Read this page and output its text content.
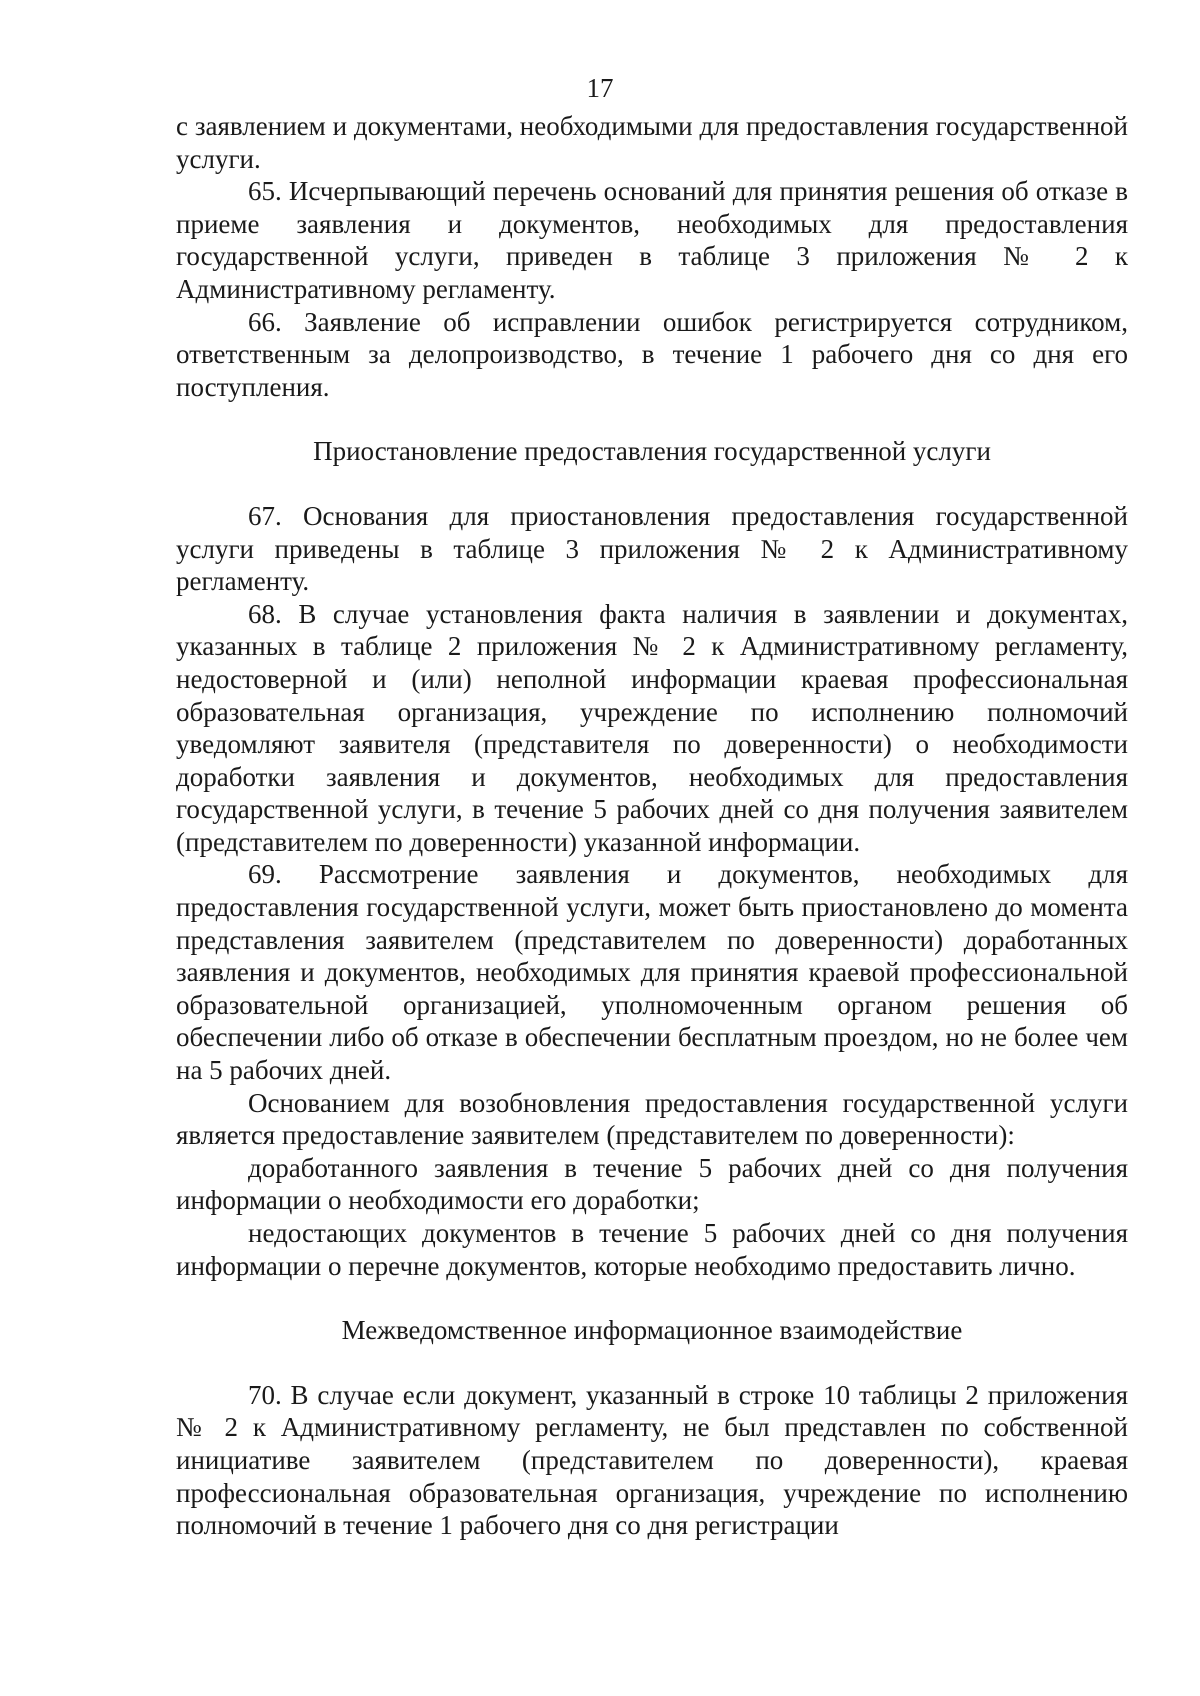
17

с заявлением и документами, необходимыми для предоставления государственной услуги.

65. Исчерпывающий перечень оснований для принятия решения об отказе в приеме заявления и документов, необходимых для предоставления государственной услуги, приведен в таблице 3 приложения № 2 к Административному регламенту.

66. Заявление об исправлении ошибок регистрируется сотрудником, ответственным за делопроизводство, в течение 1 рабочего дня со дня его поступления.

Приостановление предоставления государственной услуги

67. Основания для приостановления предоставления государственной услуги приведены в таблице 3 приложения № 2 к Административному регламенту.

68. В случае установления факта наличия в заявлении и документах, указанных в таблице 2 приложения № 2 к Административному регламенту, недостоверной и (или) неполной информации краевая профессиональная образовательная организация, учреждение по исполнению полномочий уведомляют заявителя (представителя по доверенности) о необходимости доработки заявления и документов, необходимых для предоставления государственной услуги, в течение 5 рабочих дней со дня получения заявителем (представителем по доверенности) указанной информации.

69. Рассмотрение заявления и документов, необходимых для предоставления государственной услуги, может быть приостановлено до момента представления заявителем (представителем по доверенности) доработанных заявления и документов, необходимых для принятия краевой профессиональной образовательной организацией, уполномоченным органом решения об обеспечении либо об отказе в обеспечении бесплатным проездом, но не более чем на 5 рабочих дней.

Основанием для возобновления предоставления государственной услуги является предоставление заявителем (представителем по доверенности):

доработанного заявления в течение 5 рабочих дней со дня получения информации о необходимости его доработки;

недостающих документов в течение 5 рабочих дней со дня получения информации о перечне документов, которые необходимо предоставить лично.

Межведомственное информационное взаимодействие

70. В случае если документ, указанный в строке 10 таблицы 2 приложения № 2 к Административному регламенту, не был представлен по собственной инициативе заявителем (представителем по доверенности), краевая профессиональная образовательная организация, учреждение по исполнению полномочий в течение 1 рабочего дня со дня регистрации
